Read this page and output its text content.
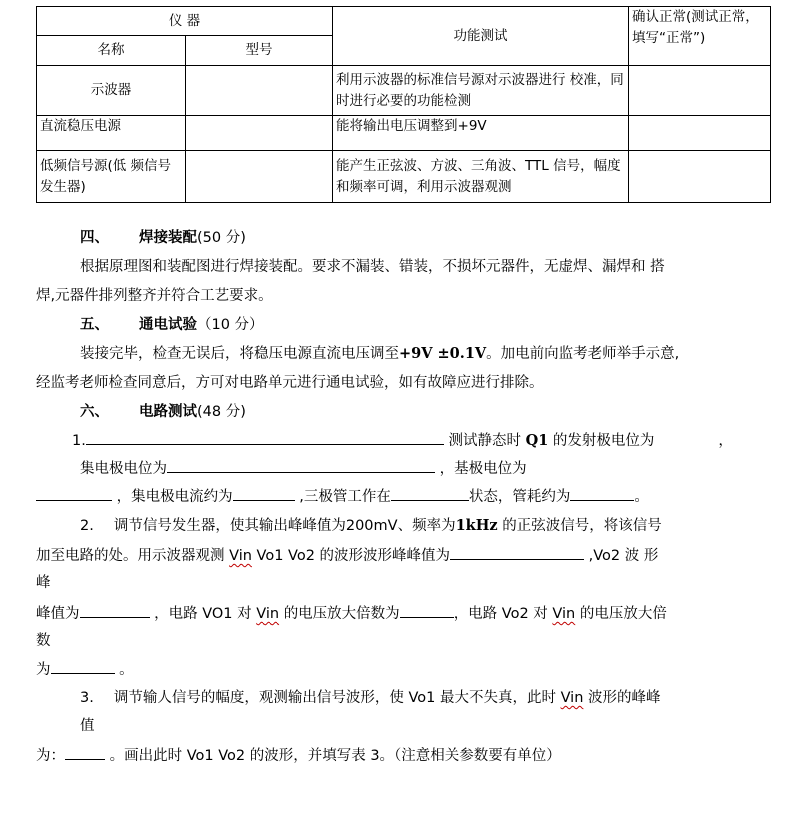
仪 器		功能测试	确认正常(测试正常，填写“正常”)
名称	型号		
示波器		利用示波器的标准信号源对示波器进行 校准，同时进行必要的功能检测	
直流稳压电源		能将输出电压调整到+9V	
低频信号源(低 频信号发生器)		能产生正弦波、方波、三角波、TTL 信号，幅度和频率可调，利用示波器观测	
四、 焊接装配(50 分)
根据原理图和装配图进行焊接装配。要求不漏装、错装，不损坏元器件，无虚焊、漏焊和 搭
焊,元器件排列整齐并符合工艺要求。
五、 通电试验（10 分）
装接完毕，检查无误后，将稳压电源直流电压调至+9V ±0.1V。加电前向监考老师举手示意,
经监考老师检查同意后，方可对电路单元进行通电试验，如有故障应进行排除。
六、 电路测试(48 分)
1.	测试静态时 Q1 的发射极电位为	，
集电极电位为	，基极电位为
，集电极电流约为	,三极管工作在	状态，管耗约为	。
2. 调节信号发生器，使其输出峰峰值为200mV、频率为1kHz 的正弦波信号，将该信号
加至电路的处。用示波器观测 Vin Vo1 Vo2 的波形波形峰峰值为	,Vo2 波 形
峰
峰值为	，电路 VO1 对 Vin 的电压放大倍数为	，电路 Vo2 对 Vin 的电压放大倍
数
为	。
3. 调节输人信号的幅度，观测输出信号波形，使 Vo1 最大不失真，此时 Vin 波形的峰峰
值
为：	。画出此时 Vo1 Vo2 的波形，并填写表 3。（注意相关参数要有单位）
